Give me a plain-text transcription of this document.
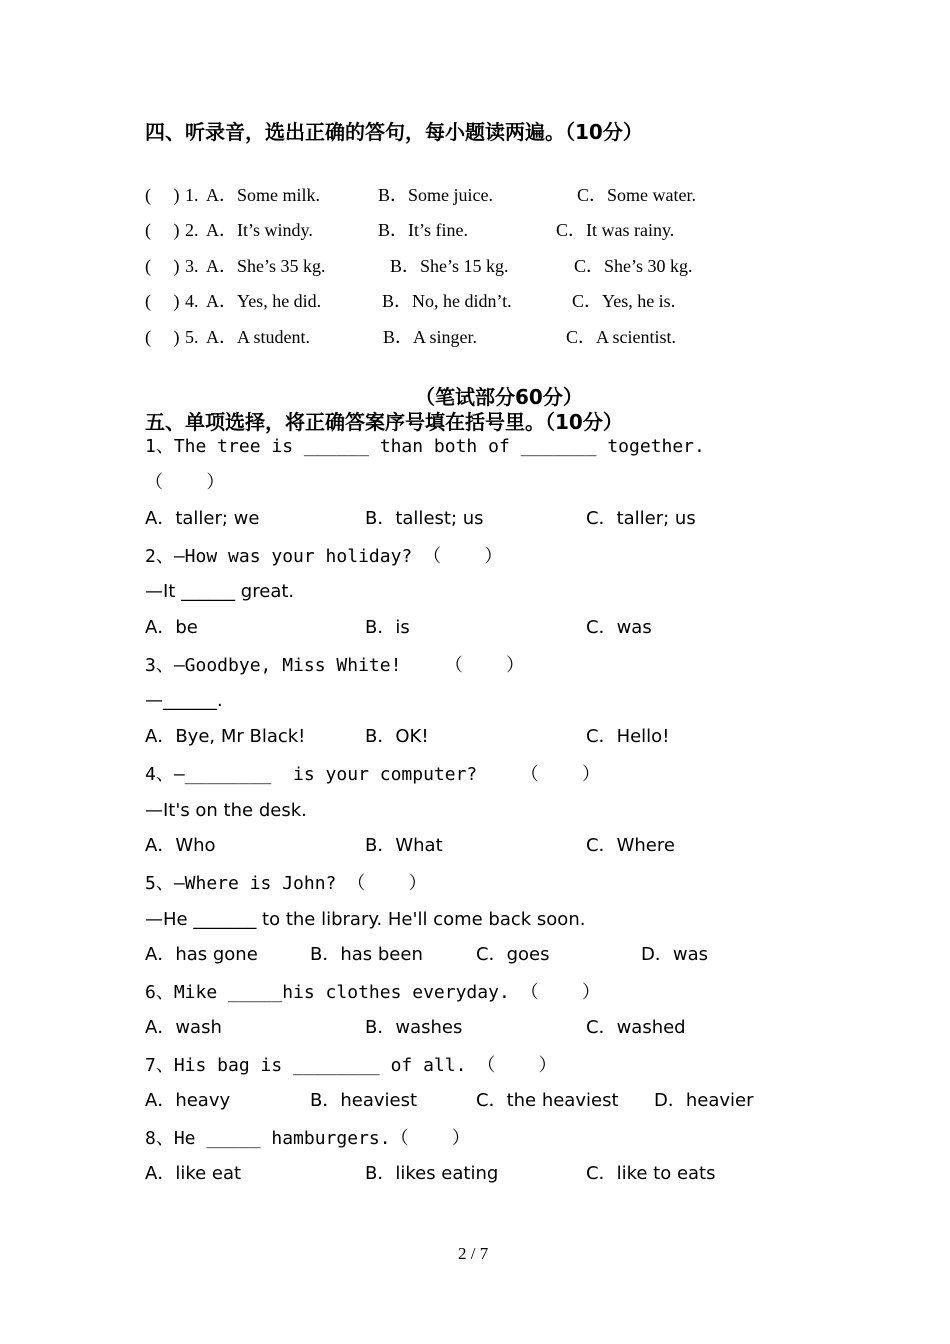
四、听录音，选出正确的答句，每小题读两遍。（10分）
(     ) 1. A．Some milk.	B．Some juice.	C．Some water.
(     ) 2. A．It’s windy.	B．It’s fine.	C．It was rainy.
(     ) 3. A．She’s 35 kg.	B．She’s 15 kg.	C．She’s 30 kg.
(     ) 4. A．Yes, he did.	B．No, he didn’t.	C．Yes, he is.
(     ) 5. A．A student.	B．A singer.	C．A scientist.
（笔试部分60分）
五、单项选择，将正确答案序号填在括号里。（10分）
1、The tree is ______ than both of _______ together.
（    ）
A．taller; we	B．tallest; us	C．taller; us
2、—How was your holiday? （    ）
—It ______ great.
A．be	B．is	C．was
3、—Goodbye, Miss White!    （    ）
—______.
A．Bye, Mr Black!	B．OK!	C．Hello!
4、—________  is your computer?    （    ）
—It's on the desk.
A．Who	B．What	C．Where
5、—Where is John? （    ）
—He _______ to the library. He'll come back soon.
A．has gone	B．has been	C．goes	D．was
6、Mike _____his clothes everyday. （    ）
A．wash	B．washes	C．washed
7、His bag is ________ of all. （    ）
A．heavy	B．heaviest	C．the heaviest D．heavier
8、He _____ hamburgers.（    ）
A．like eat	B．likes eating	C．like to eats
2 / 7
